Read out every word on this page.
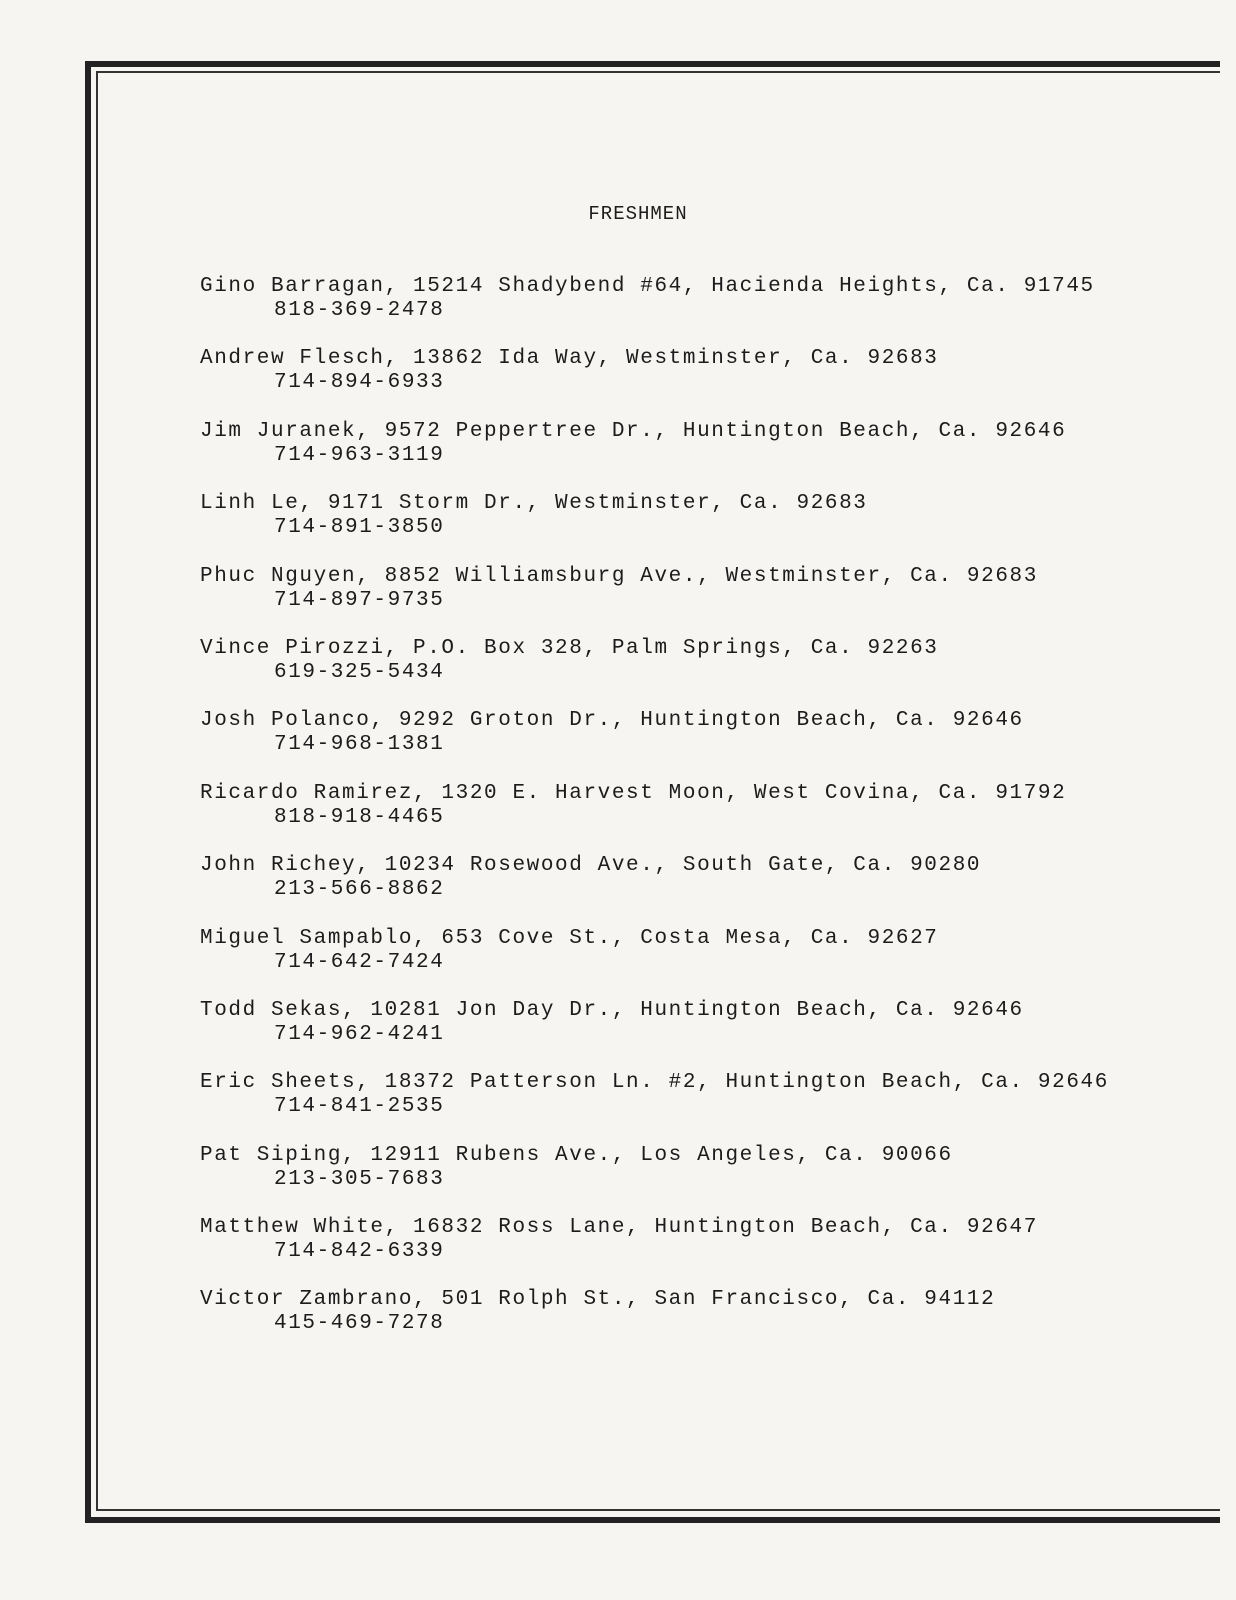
FRESHMEN
Gino Barragan, 15214 Shadybend #64, Hacienda Heights, Ca. 91745
818-369-2478
Andrew Flesch, 13862 Ida Way, Westminster, Ca. 92683
714-894-6933
Jim Juranek, 9572 Peppertree Dr., Huntington Beach, Ca. 92646
714-963-3119
Linh Le, 9171 Storm Dr., Westminster, Ca. 92683
714-891-3850
Phuc Nguyen, 8852 Williamsburg Ave., Westminster, Ca. 92683
714-897-9735
Vince Pirozzi, P.O. Box 328, Palm Springs, Ca. 92263
619-325-5434
Josh Polanco, 9292 Groton Dr., Huntington Beach, Ca. 92646
714-968-1381
Ricardo Ramirez, 1320 E. Harvest Moon, West Covina, Ca. 91792
818-918-4465
John Richey, 10234 Rosewood Ave., South Gate, Ca. 90280
213-566-8862
Miguel Sampablo, 653 Cove St., Costa Mesa, Ca. 92627
714-642-7424
Todd Sekas, 10281 Jon Day Dr., Huntington Beach, Ca. 92646
714-962-4241
Eric Sheets, 18372 Patterson Ln. #2, Huntington Beach, Ca. 92646
714-841-2535
Pat Siping, 12911 Rubens Ave., Los Angeles, Ca. 90066
213-305-7683
Matthew White, 16832 Ross Lane, Huntington Beach, Ca. 92647
714-842-6339
Victor Zambrano, 501 Rolph St., San Francisco, Ca. 94112
415-469-7278
